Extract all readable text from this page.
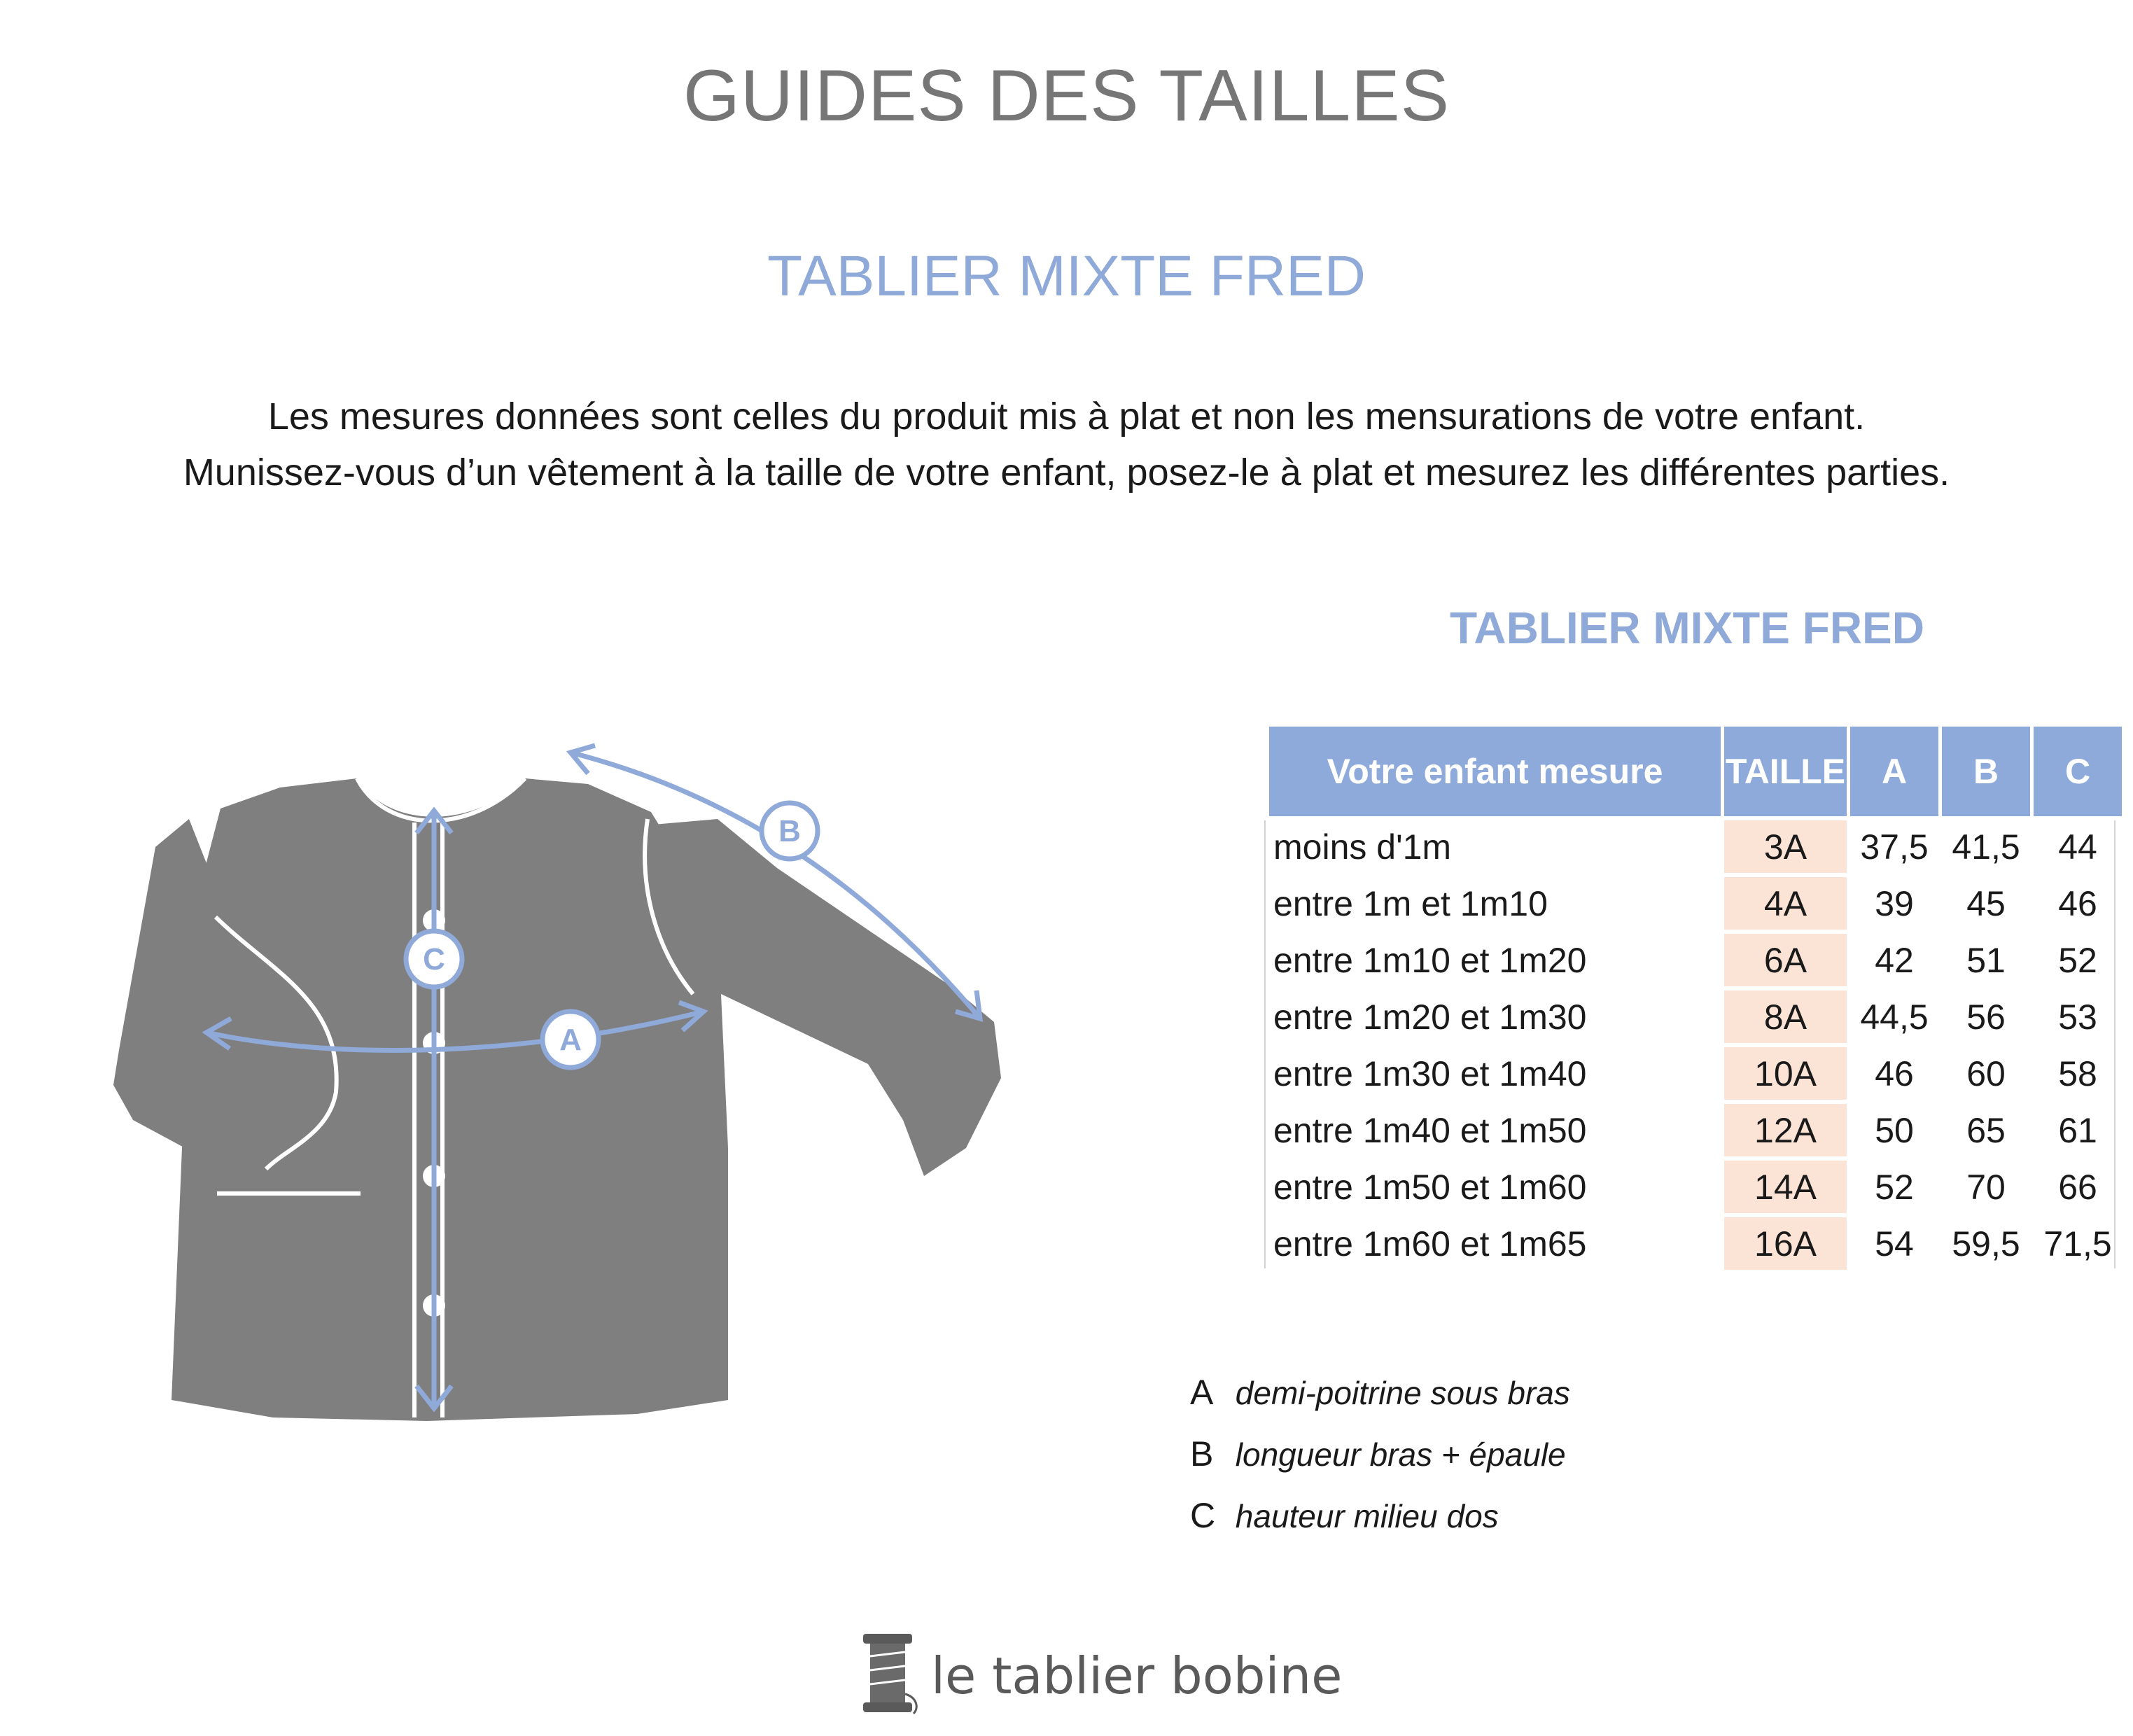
GUIDES DES TAILLES
TABLIER MIXTE FRED
Les mesures données sont celles du produit mis à plat et non les mensurations de votre enfant.
Munissez-vous d’un vêtement à la taille de votre enfant, posez-le à plat et mesurez les différentes parties.
C
A
B
TABLIER MIXTE FRED
Votre enfant mesure	TAILLE	A	B	C
moins d'1m	3A	37,5	41,5	44
entre 1m et 1m10	4A	39	45	46
entre 1m10 et 1m20	6A	42	51	52
entre 1m20 et 1m30	8A	44,5	56	53
entre 1m30 et 1m40	10A	46	60	58
entre 1m40 et 1m50	12A	50	65	61
entre 1m50 et 1m60	14A	52	70	66
entre 1m60 et 1m65	16A	54	59,5	71,5
A demi-poitrine sous bras
B longueur bras + épaule
C hauteur milieu dos
le tablier bobine
